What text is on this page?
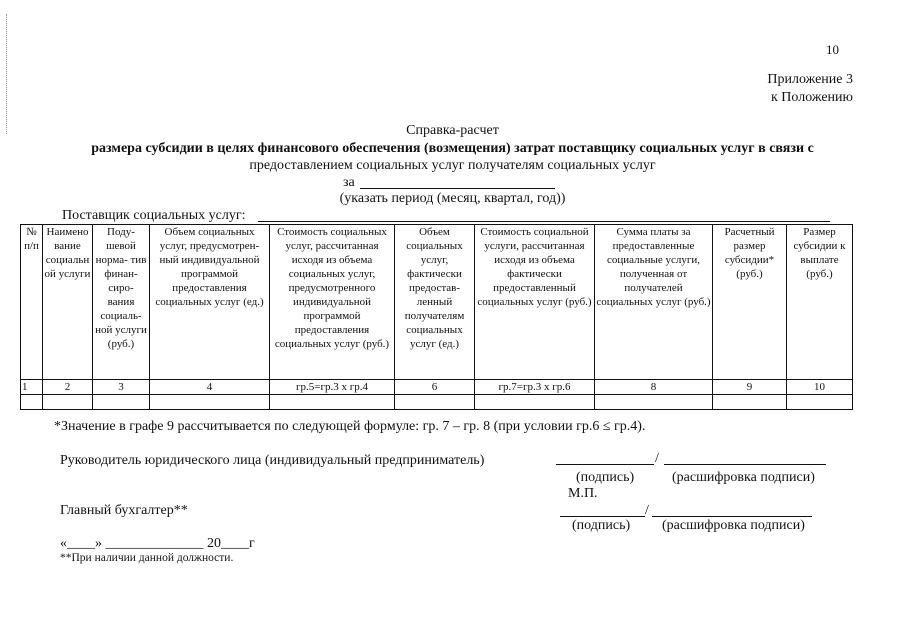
10
Приложение 3
к Положению
Справка-расчет
размера субсидии в целях финансового обеспечения (возмещения) затрат поставщику социальных услуг в связи с
предоставлением социальных услуг получателям социальных услуг
за
(указать период (месяц, квартал, год))
Поставщик социальных услуг:
№ п/п	Наимено вание социальн ой услуги	Поду- шевой норма- тив финан- сиро- вания социаль- ной услуги (руб.)	Объем социальных услуг, предусмотрен- ный индивидуальной программой предоставления социальных услуг (ед.)	Стоимость социальных услуг, рассчитанная исходя из объема социальных услуг, предусмотренного индивидуальной программой предоставления социальных услуг (руб.)	Объем социальных услуг, фактически предостав- ленный получателям социальных услуг (ед.)	Стоимость социальной услуги, рассчитанная исходя из объема фактически предоставленный социальных услуг (руб.)	Сумма платы за предоставленные социальные услуги, полученная от получателей социальных услуг (руб.)	Расчетный размер субсидии* (руб.)	Размер субсидии к выплате (руб.)
1	2	3	4	гр.5=гр.3 х гр.4	6	гр.7=гр.3 х гр.6	8	9	10

*Значение в графе 9 рассчитывается по следующей формуле: гр. 7 – гр. 8 (при условии гр.6 ≤ гр.4).
Руководитель юридического лица (индивидуальный предприниматель)	/
(подпись)	(расшифровка подписи)
М.П.
Главный бухгалтер**	/
(подпись) (расшифровка подписи)
«____» ______________ 20____г
**При наличии данной должности.
